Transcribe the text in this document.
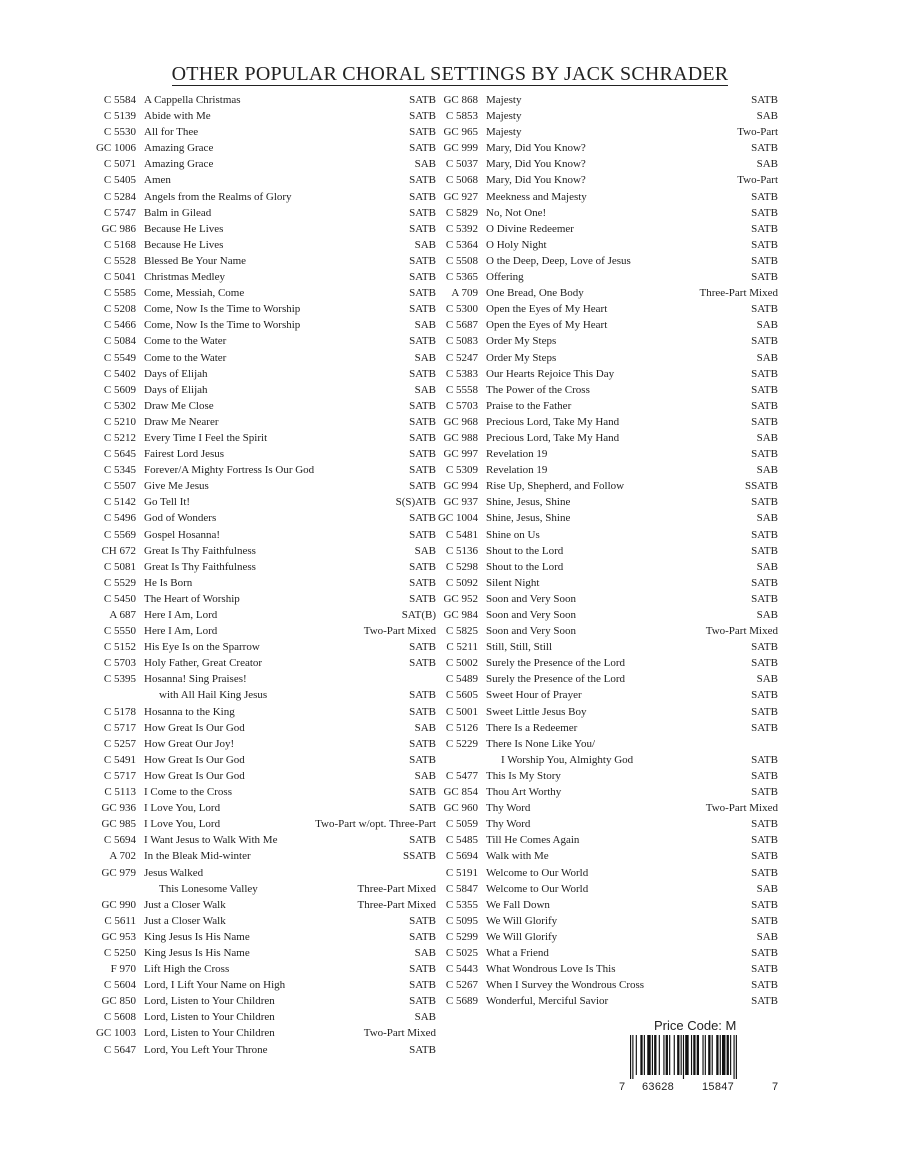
OTHER POPULAR CHORAL SETTINGS BY JACK SCHRADER
C 5584 A Cappella Christmas	SATB
C 5139 Abide with Me	SATB
C 5530 All for Thee	SATB
GC 1006 Amazing Grace	SATB
C 5071 Amazing Grace	SAB
C 5405 Amen	SATB
C 5284 Angels from the Realms of Glory	SATB
C 5747 Balm in Gilead	SATB
GC 986 Because He Lives	SATB
C 5168 Because He Lives	SAB
C 5528 Blessed Be Your Name	SATB
C 5041 Christmas Medley	SATB
C 5585 Come, Messiah, Come	SATB
C 5208 Come, Now Is the Time to Worship	SATB
C 5466 Come, Now Is the Time to Worship	SAB
C 5084 Come to the Water	SATB
C 5549 Come to the Water	SAB
C 5402 Days of Elijah	SATB
C 5609 Days of Elijah	SAB
C 5302 Draw Me Close	SATB
C 5210 Draw Me Nearer	SATB
C 5212 Every Time I Feel the Spirit	SATB
C 5645 Fairest Lord Jesus	SATB
C 5345 Forever/A Mighty Fortress Is Our God	SATB
C 5507 Give Me Jesus	SATB
C 5142 Go Tell It!	S(S)ATB
C 5496 God of Wonders	SATB
C 5569 Gospel Hosanna!	SATB
CH 672 Great Is Thy Faithfulness	SAB
C 5081 Great Is Thy Faithfulness	SATB
C 5529 He Is Born	SATB
C 5450 The Heart of Worship	SATB
A 687 Here I Am, Lord	SAT(B)
C 5550 Here I Am, Lord	Two-Part Mixed
C 5152 His Eye Is on the Sparrow	SATB
C 5703 Holy Father, Great Creator	SATB
C 5395 Hosanna! Sing Praises!
with All Hail King Jesus	SATB
C 5178 Hosanna to the King	SATB
C 5717 How Great Is Our God	SAB
C 5257 How Great Our Joy!	SATB
C 5491 How Great Is Our God	SATB
C 5717 How Great Is Our God	SAB
C 5113 I Come to the Cross	SATB
GC 936 I Love You, Lord	SATB
GC 985 I Love You, Lord	Two-Part w/opt. Three-Part
C 5694 I Want Jesus to Walk With Me	SATB
A 702 In the Bleak Mid-winter	SSATB
GC 979 Jesus Walked
This Lonesome Valley	Three-Part Mixed
GC 990 Just a Closer Walk	Three-Part Mixed
C 5611 Just a Closer Walk	SATB
GC 953 King Jesus Is His Name	SATB
C 5250 King Jesus Is His Name	SAB
F 970 Lift High the Cross	SATB
C 5604 Lord, I Lift Your Name on High	SATB
GC 850 Lord, Listen to Your Children	SATB
C 5608 Lord, Listen to Your Children	SAB
GC 1003 Lord, Listen to Your Children	Two-Part Mixed
C 5647 Lord, You Left Your Throne	SATB
GC 868 Majesty	SATB
C 5853 Majesty	SAB
GC 965 Majesty	Two-Part
GC 999 Mary, Did You Know?	SATB
C 5037 Mary, Did You Know?	SAB
C 5068 Mary, Did You Know?	Two-Part
GC 927 Meekness and Majesty	SATB
C 5829 No, Not One!	SATB
C 5392 O Divine Redeemer	SATB
C 5364 O Holy Night	SATB
C 5508 O the Deep, Deep, Love of Jesus	SATB
C 5365 Offering	SATB
A 709 One Bread, One Body	Three-Part Mixed
C 5300 Open the Eyes of My Heart	SATB
C 5687 Open the Eyes of My Heart	SAB
C 5083 Order My Steps	SATB
C 5247 Order My Steps	SAB
C 5383 Our Hearts Rejoice This Day	SATB
C 5558 The Power of the Cross	SATB
C 5703 Praise to the Father	SATB
GC 968 Precious Lord, Take My Hand	SATB
GC 988 Precious Lord, Take My Hand	SAB
GC 997 Revelation 19	SATB
C 5309 Revelation 19	SAB
GC 994 Rise Up, Shepherd, and Follow	SSATB
GC 937 Shine, Jesus, Shine	SATB
GC 1004 Shine, Jesus, Shine	SAB
C 5481 Shine on Us	SATB
C 5136 Shout to the Lord	SATB
C 5298 Shout to the Lord	SAB
C 5092 Silent Night	SATB
GC 952 Soon and Very Soon	SATB
GC 984 Soon and Very Soon	SAB
C 5825 Soon and Very Soon	Two-Part Mixed
C 5211 Still, Still, Still	SATB
C 5002 Surely the Presence of the Lord	SATB
C 5489 Surely the Presence of the Lord	SAB
C 5605 Sweet Hour of Prayer	SATB
C 5001 Sweet Little Jesus Boy	SATB
C 5126 There Is a Redeemer	SATB
C 5229 There Is None Like You/
I Worship You, Almighty God	SATB
C 5477 This Is My Story	SATB
GC 854 Thou Art Worthy	SATB
GC 960 Thy Word	Two-Part Mixed
C 5059 Thy Word	SATB
C 5485 Till He Comes Again	SATB
C 5694 Walk with Me	SATB
C 5191 Welcome to Our World	SATB
C 5847 Welcome to Our World	SAB
C 5355 We Fall Down	SATB
C 5095 We Will Glorify	SATB
C 5299 We Will Glorify	SAB
C 5025 What a Friend	SATB
C 5443 What Wondrous Love Is This	SATB
C 5267 When I Survey the Wondrous Cross	SATB
C 5689 Wonderful, Merciful Savior	SATB
Price Code: M
7 63628	15847	7
